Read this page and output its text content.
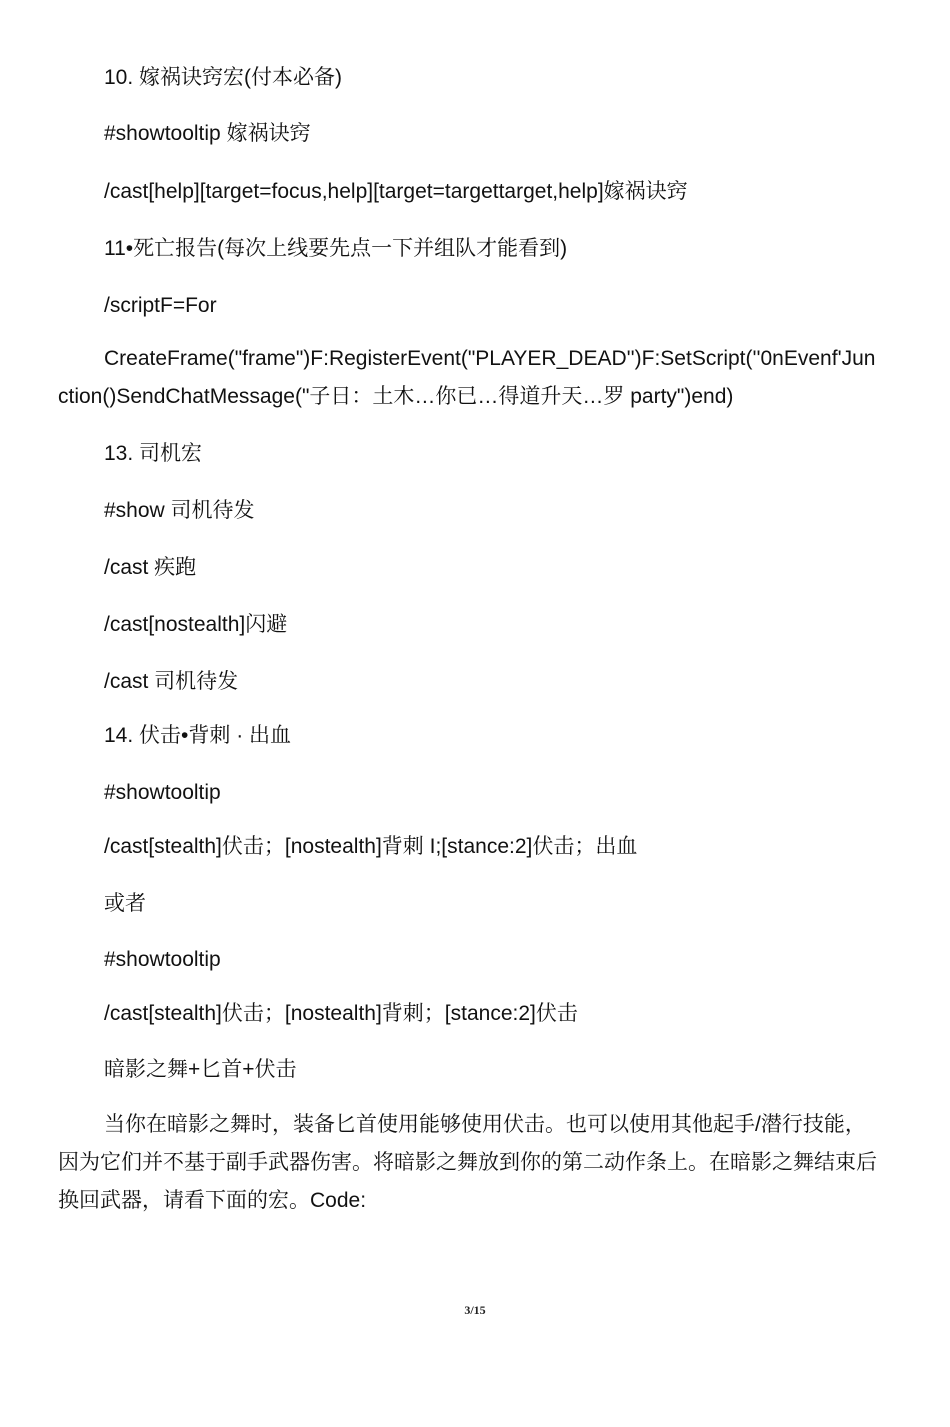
10. 嫁祸诀窍宏(付本必备)
#showtooltip 嫁祸诀窍
/cast[help][target=focus,help][target=targettarget,help]嫁祸诀窍
11•死亡报告(每次上线要先点一下并组队才能看到)
/scriptF=For
CreateFrame("frame")F:RegisterEvent("PLAYER_DEAD'')F:SetScript(''0nEvenf'Junction()SendChatMessage("子日：土木…你已…得道升天…罗 party")end)
13. 司机宏
#show 司机待发
/cast 疾跑
/cast[nostealth]闪避
/cast 司机待发
14. 伏击•背刺 · 出血
#showtooltip
/cast[stealth]伏击；[nostealth]背刺 I;[stance:2]伏击；出血
或者
#showtooltip
/cast[stealth]伏击；[nostealth]背刺；[stance:2]伏击
暗影之舞+匕首+伏击
当你在暗影之舞时，装备匕首使用能够使用伏击。也可以使用其他起手/潜行技能，因为它们并不基于副手武器伤害。将暗影之舞放到你的第二动作条上。在暗影之舞结束后换回武器，请看下面的宏。Code:
3/15
